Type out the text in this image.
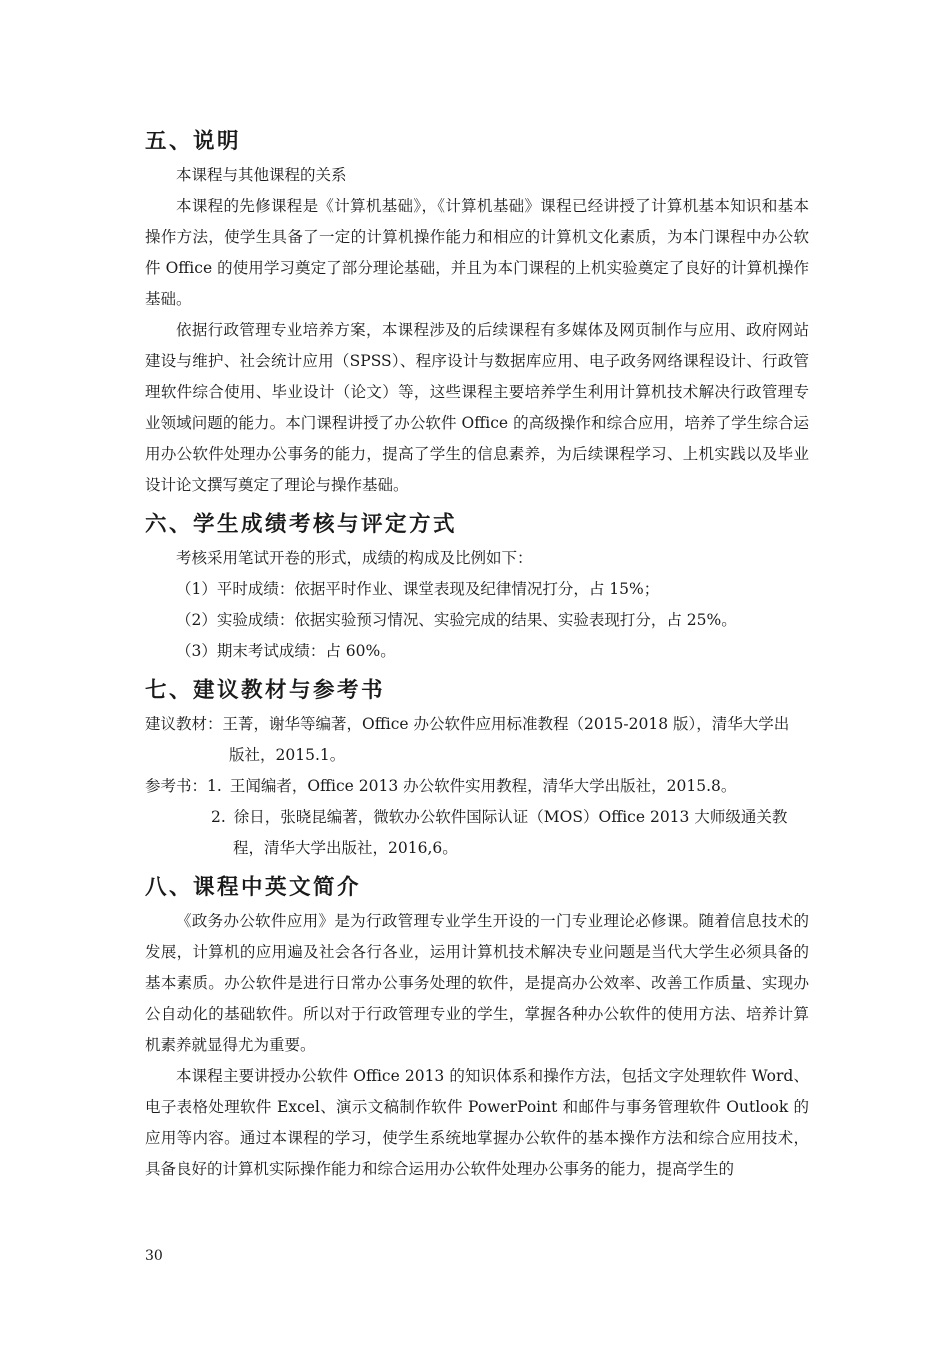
五、说明

本课程与其他课程的关系

本课程的先修课程是《计算机基础》，《计算机基础》课程已经讲授了计算机基本知识和基本操作方法，使学生具备了一定的计算机操作能力和相应的计算机文化素质，为本门课程中办公软件 Office 的使用学习奠定了部分理论基础，并且为本门课程的上机实验奠定了良好的计算机操作基础。

依据行政管理专业培养方案，本课程涉及的后续课程有多媒体及网页制作与应用、政府网站建设与维护、社会统计应用（SPSS）、程序设计与数据库应用、电子政务网络课程设计、行政管理软件综合使用、毕业设计（论文）等，这些课程主要培养学生利用计算机技术解决行政管理专业领域问题的能力。本门课程讲授了办公软件 Office 的高级操作和综合应用，培养了学生综合运用办公软件处理办公事务的能力，提高了学生的信息素养，为后续课程学习、上机实践以及毕业设计论文撰写奠定了理论与操作基础。

六、学生成绩考核与评定方式

考核采用笔试开卷的形式，成绩的构成及比例如下：

（1）平时成绩：依据平时作业、课堂表现及纪律情况打分，占 15%；

（2）实验成绩：依据实验预习情况、实验完成的结果、实验表现打分，占 25%。

（3）期末考试成绩：占 60%。

七、建议教材与参考书
建议教材： 王菁，谢华等编著，Office 办公软件应用标准教程（2015-2018 版），清华大学出
版社，2015.1。
参考书： 1. 王闻编者，Office 2013 办公软件实用教程，清华大学出版社，2015.8。
2. 徐日，张晓昆编著，微软办公软件国际认证（MOS）Office 2013 大师级通关教
程，清华大学出版社，2016,6。
八、课程中英文简介

《政务办公软件应用》是为行政管理专业学生开设的一门专业理论必修课。随着信息技术的发展，计算机的应用遍及社会各行各业，运用计算机技术解决专业问题是当代大学生必须具备的基本素质。办公软件是进行日常办公事务处理的软件，是提高办公效率、改善工作质量、实现办公自动化的基础软件。所以对于行政管理专业的学生，掌握各种办公软件的使用方法、培养计算机素养就显得尤为重要。

本课程主要讲授办公软件 Office 2013 的知识体系和操作方法，包括文字处理软件 Word、电子表格处理软件 Excel、演示文稿制作软件 PowerPoint 和邮件与事务管理软件 Outlook 的应用等内容。通过本课程的学习，使学生系统地掌握办公软件的基本操作方法和综合应用技术，具备良好的计算机实际操作能力和综合运用办公软件处理办公事务的能力，提高学生的

30
